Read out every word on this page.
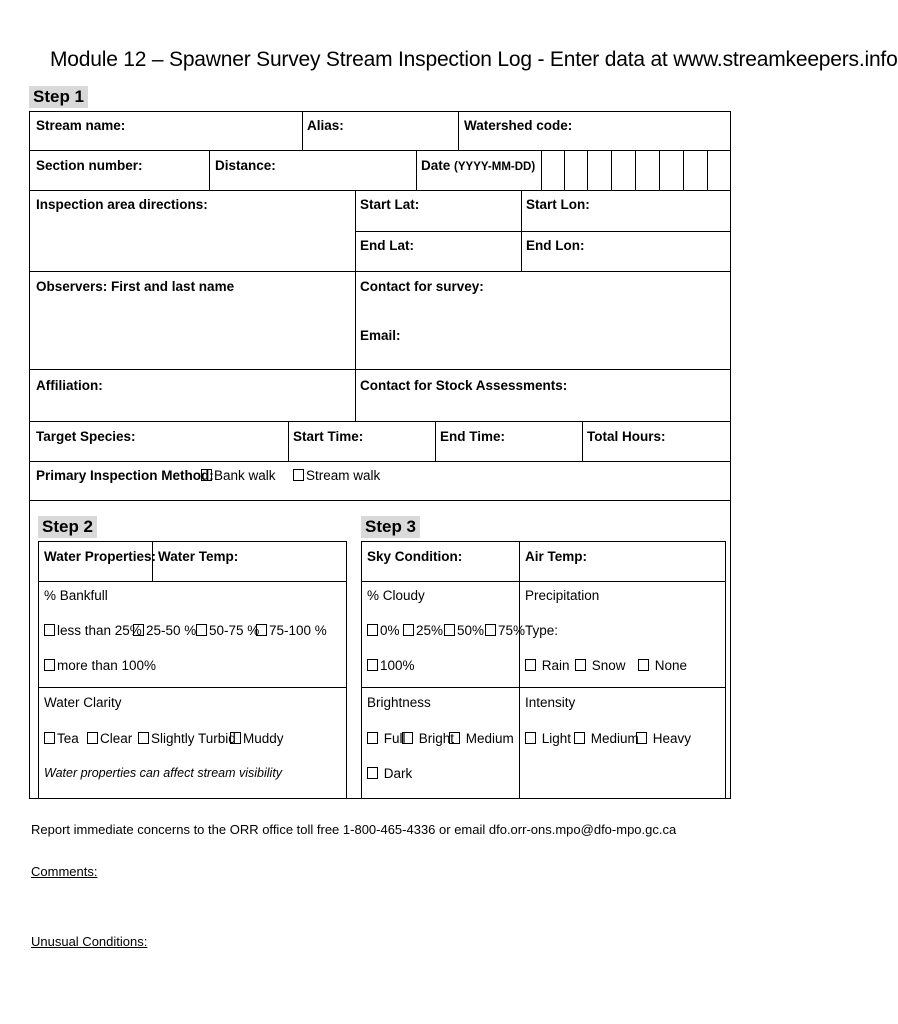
Module 12 – Spawner Survey Stream Inspection Log - Enter data at www.streamkeepers.info
Step 1
Stream name:	Alias:	Watershed code:
Section number:	Distance:	Date (YYYY-MM-DD)
Inspection area directions:	Start Lat:	Start Lon:
End Lat:	End Lon:
Observers: First and last name	Contact for survey:
Email:
Affiliation:	Contact for Stock Assessments:
Target Species:	Start Time:	End Time:	Total Hours:
Primary Inspection Method: Bank walk	Stream walk
Step 2
Water Properties: Water Temp:
% Bankfull
less than 25% 25-50 % 50-75 % 75-100 %
more than 100%
Water Clarity
Tea	Clear	Slightly Turbid Muddy
Water properties can affect stream visibility
Step 3
Sky Condition:	Air Temp:
% Cloudy
0%	25%	50%	75%
100%
Precipitation
Type:
Rain	Snow	None
Brightness
Full Bright Medium
Dark
Intensity
Light	Medium	Heavy
Report immediate concerns to the ORR office toll free 1-800-465-4336 or email dfo.orr-ons.mpo@dfo-mpo.gc.ca
Comments:
Unusual Conditions:
